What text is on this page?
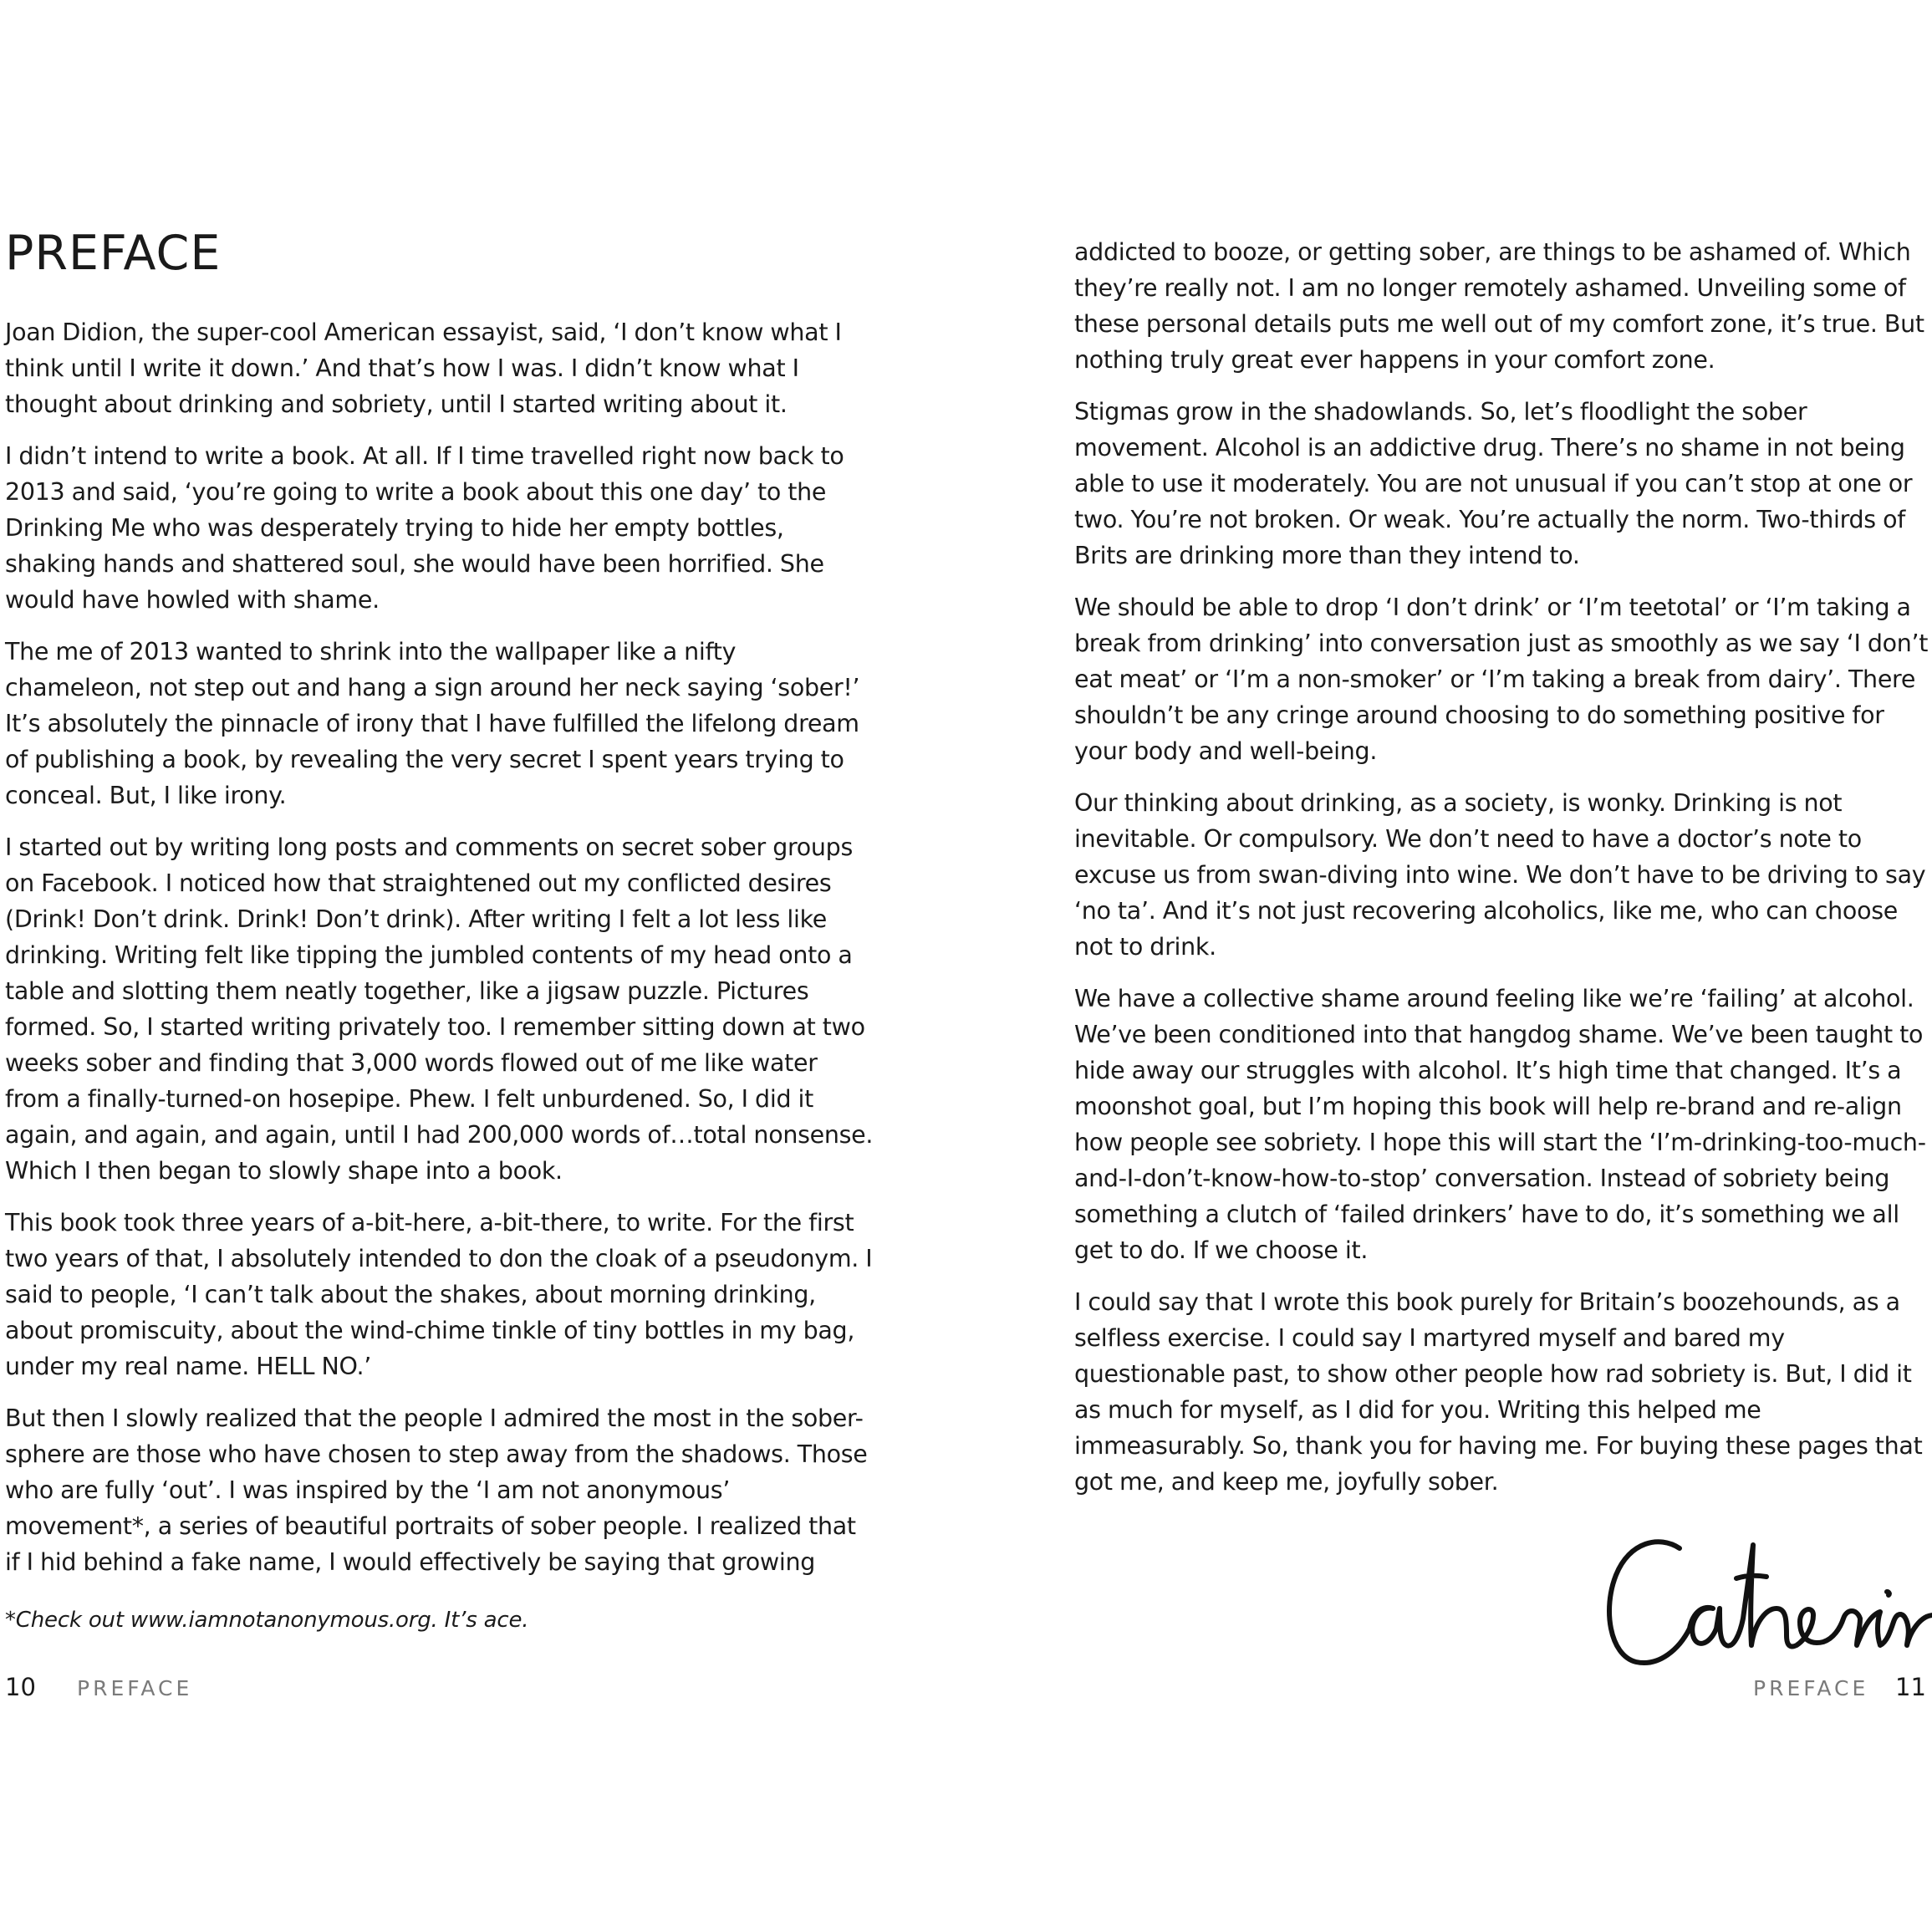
PREFACE

Joan Didion, the super-cool American essayist, said, ‘I don’t know what I think until I write it down.’ And that’s how I was. I didn’t know what I thought about drinking and sobriety, until I started writing about it.

I didn’t intend to write a book. At all. If I time travelled right now back to 2013 and said, ‘you’re going to write a book about this one day’ to the Drinking Me who was desperately trying to hide her empty bottles, shaking hands and shattered soul, she would have been horrified. She would have howled with shame.

The me of 2013 wanted to shrink into the wallpaper like a nifty chameleon, not step out and hang a sign around her neck saying ‘sober!’ It’s absolutely the pinnacle of irony that I have fulfilled the lifelong dream of publishing a book, by revealing the very secret I spent years trying to conceal. But, I like irony.

I started out by writing long posts and comments on secret sober groups on Facebook. I noticed how that straightened out my conflicted desires (Drink! Don’t drink. Drink! Don’t drink). After writing I felt a lot less like drinking. Writing felt like tipping the jumbled contents of my head onto a table and slotting them neatly together, like a jigsaw puzzle. Pictures formed. So, I started writing privately too. I remember sitting down at two weeks sober and finding that 3,000 words flowed out of me like water from a finally-turned-on hosepipe. Phew. I felt unburdened. So, I did it again, and again, and again, until I had 200,000 words of…total nonsense. Which I then began to slowly shape into a book.

This book took three years of a-bit-here, a-bit-there, to write. For the first two years of that, I absolutely intended to don the cloak of a pseudonym. I said to people, ‘I can’t talk about the shakes, about morning drinking, about promiscuity, about the wind-chime tinkle of tiny bottles in my bag, under my real name. HELL NO.’

But then I slowly realized that the people I admired the most in the sober-sphere are those who have chosen to step away from the shadows. Those who are fully ‘out’. I was inspired by the ‘I am not anonymous’ movement*, a series of beautiful portraits of sober people. I realized that if I hid behind a fake name, I would effectively be saying that growing

*Check out www.iamnotanonymous.org. It’s ace.

10 PREFACE

addicted to booze, or getting sober, are things to be ashamed of. Which they’re really not. I am no longer remotely ashamed. Unveiling some of these personal details puts me well out of my comfort zone, it’s true. But nothing truly great ever happens in your comfort zone.

Stigmas grow in the shadowlands. So, let’s floodlight the sober movement. Alcohol is an addictive drug. There’s no shame in not being able to use it moderately. You are not unusual if you can’t stop at one or two. You’re not broken. Or weak. You’re actually the norm. Two-thirds of Brits are drinking more than they intend to.

We should be able to drop ‘I don’t drink’ or ‘I’m teetotal’ or ‘I’m taking a break from drinking’ into conversation just as smoothly as we say ‘I don’t eat meat’ or ‘I’m a non-smoker’ or ‘I’m taking a break from dairy’. There shouldn’t be any cringe around choosing to do something positive for your body and well-being.

Our thinking about drinking, as a society, is wonky. Drinking is not inevitable. Or compulsory. We don’t need to have a doctor’s note to excuse us from swan-diving into wine. We don’t have to be driving to say ‘no ta’. And it’s not just recovering alcoholics, like me, who can choose not to drink.

We have a collective shame around feeling like we’re ‘failing’ at alcohol. We’ve been conditioned into that hangdog shame. We’ve been taught to hide away our struggles with alcohol. It’s high time that changed. It’s a moonshot goal, but I’m hoping this book will help re-brand and re-align how people see sobriety. I hope this will start the ‘I’m-drinking-too-much-and-I-don’t-know-how-to-stop’ conversation. Instead of sobriety being something a clutch of ‘failed drinkers’ have to do, it’s something we all get to do. If we choose it.

I could say that I wrote this book purely for Britain’s boozehounds, as a selfless exercise. I could say I martyred myself and bared my questionable past, to show other people how rad sobriety is. But, I did it as much for myself, as I did for you. Writing this helped me immeasurably. So, thank you for having me. For buying these pages that got me, and keep me, joyfully sober.

PREFACE 11
